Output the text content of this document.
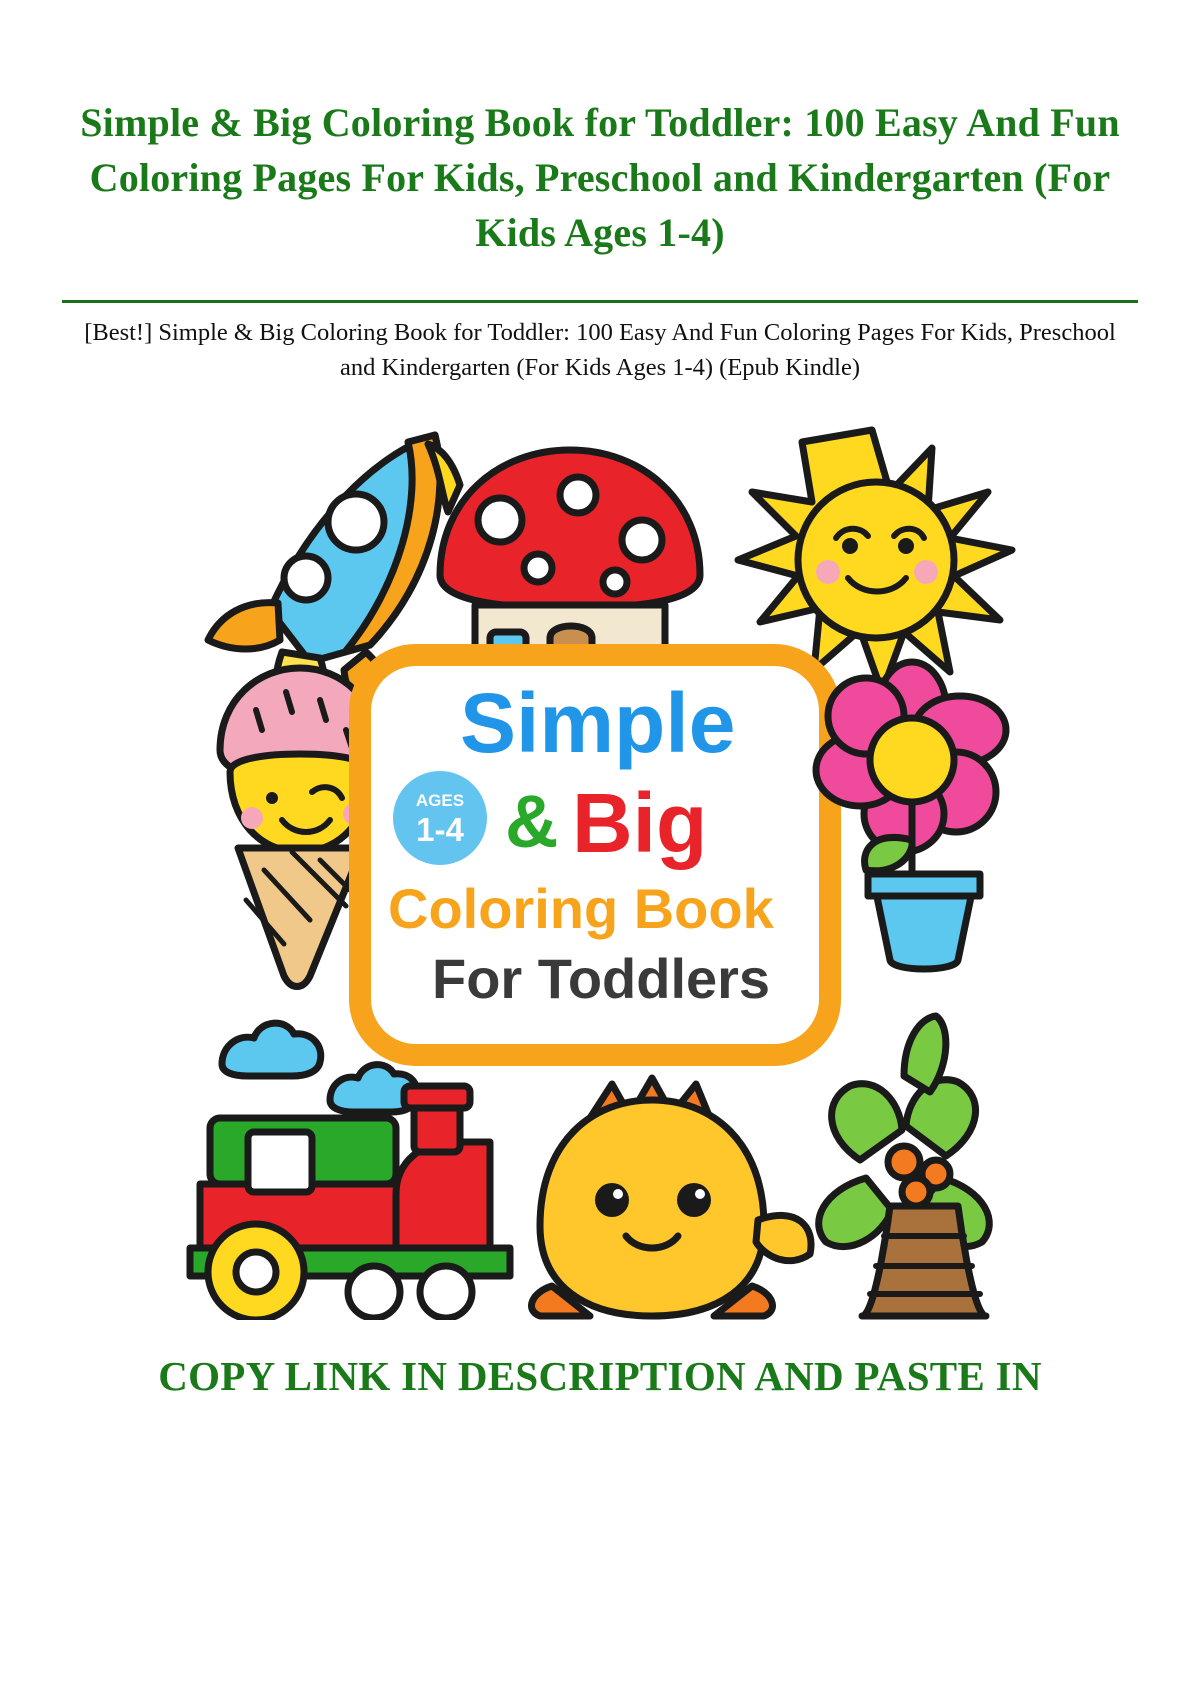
Simple & Big Coloring Book for Toddler: 100 Easy And Fun Coloring Pages For Kids, Preschool and Kindergarten (For Kids Ages 1-4)
[Best!] Simple & Big Coloring Book for Toddler: 100 Easy And Fun Coloring Pages For Kids, Preschool and Kindergarten (For Kids Ages 1-4) (Epub Kindle)
Simple
AGES
1-4 & Big
Coloring Book
For Toddlers
COPY LINK IN DESCRIPTION AND PASTE IN
